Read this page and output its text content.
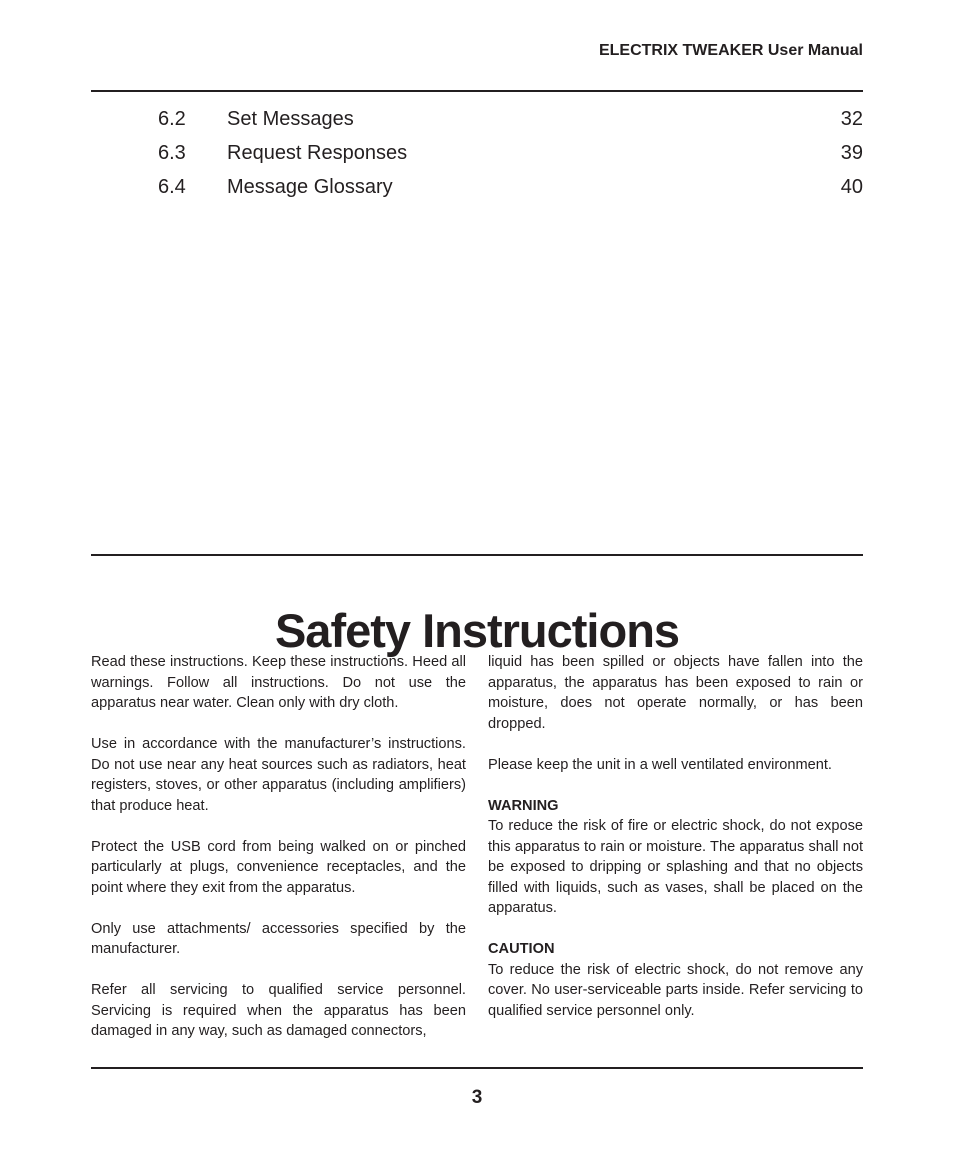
ELECTRIX TWEAKER User Manual
6.2	Set Messages	32
6.3	Request Responses	39
6.4	Message Glossary	40
Safety Instructions

Read these instructions. Keep these instructions. Heed all warnings. Follow all instructions. Do not use the apparatus near water. Clean only with dry cloth.

Use in accordance with the manufacturer’s instructions. Do not use near any heat sources such as radiators, heat registers, stoves, or other apparatus (including amplifiers) that produce heat.

Protect the USB cord from being walked on or pinched particularly at plugs, convenience receptacles, and the point where they exit from the apparatus.

Only use attachments/ accessories specified by the manufacturer.

Refer all servicing to qualified service personnel. Servicing is required when the apparatus has been damaged in any way, such as damaged connectors,

liquid has been spilled or objects have fallen into the apparatus, the apparatus has been exposed to rain or moisture, does not operate normally, or has been dropped.

Please keep the unit in a well ventilated environment.

WARNING
To reduce the risk of fire or electric shock, do not expose this apparatus to rain or moisture. The apparatus shall not be exposed to dripping or splashing and that no objects filled with liquids, such as vases, shall be placed on the apparatus.

CAUTION
To reduce the risk of electric shock, do not remove any cover. No user-serviceable parts inside. Refer servicing to qualified service personnel only.

3
